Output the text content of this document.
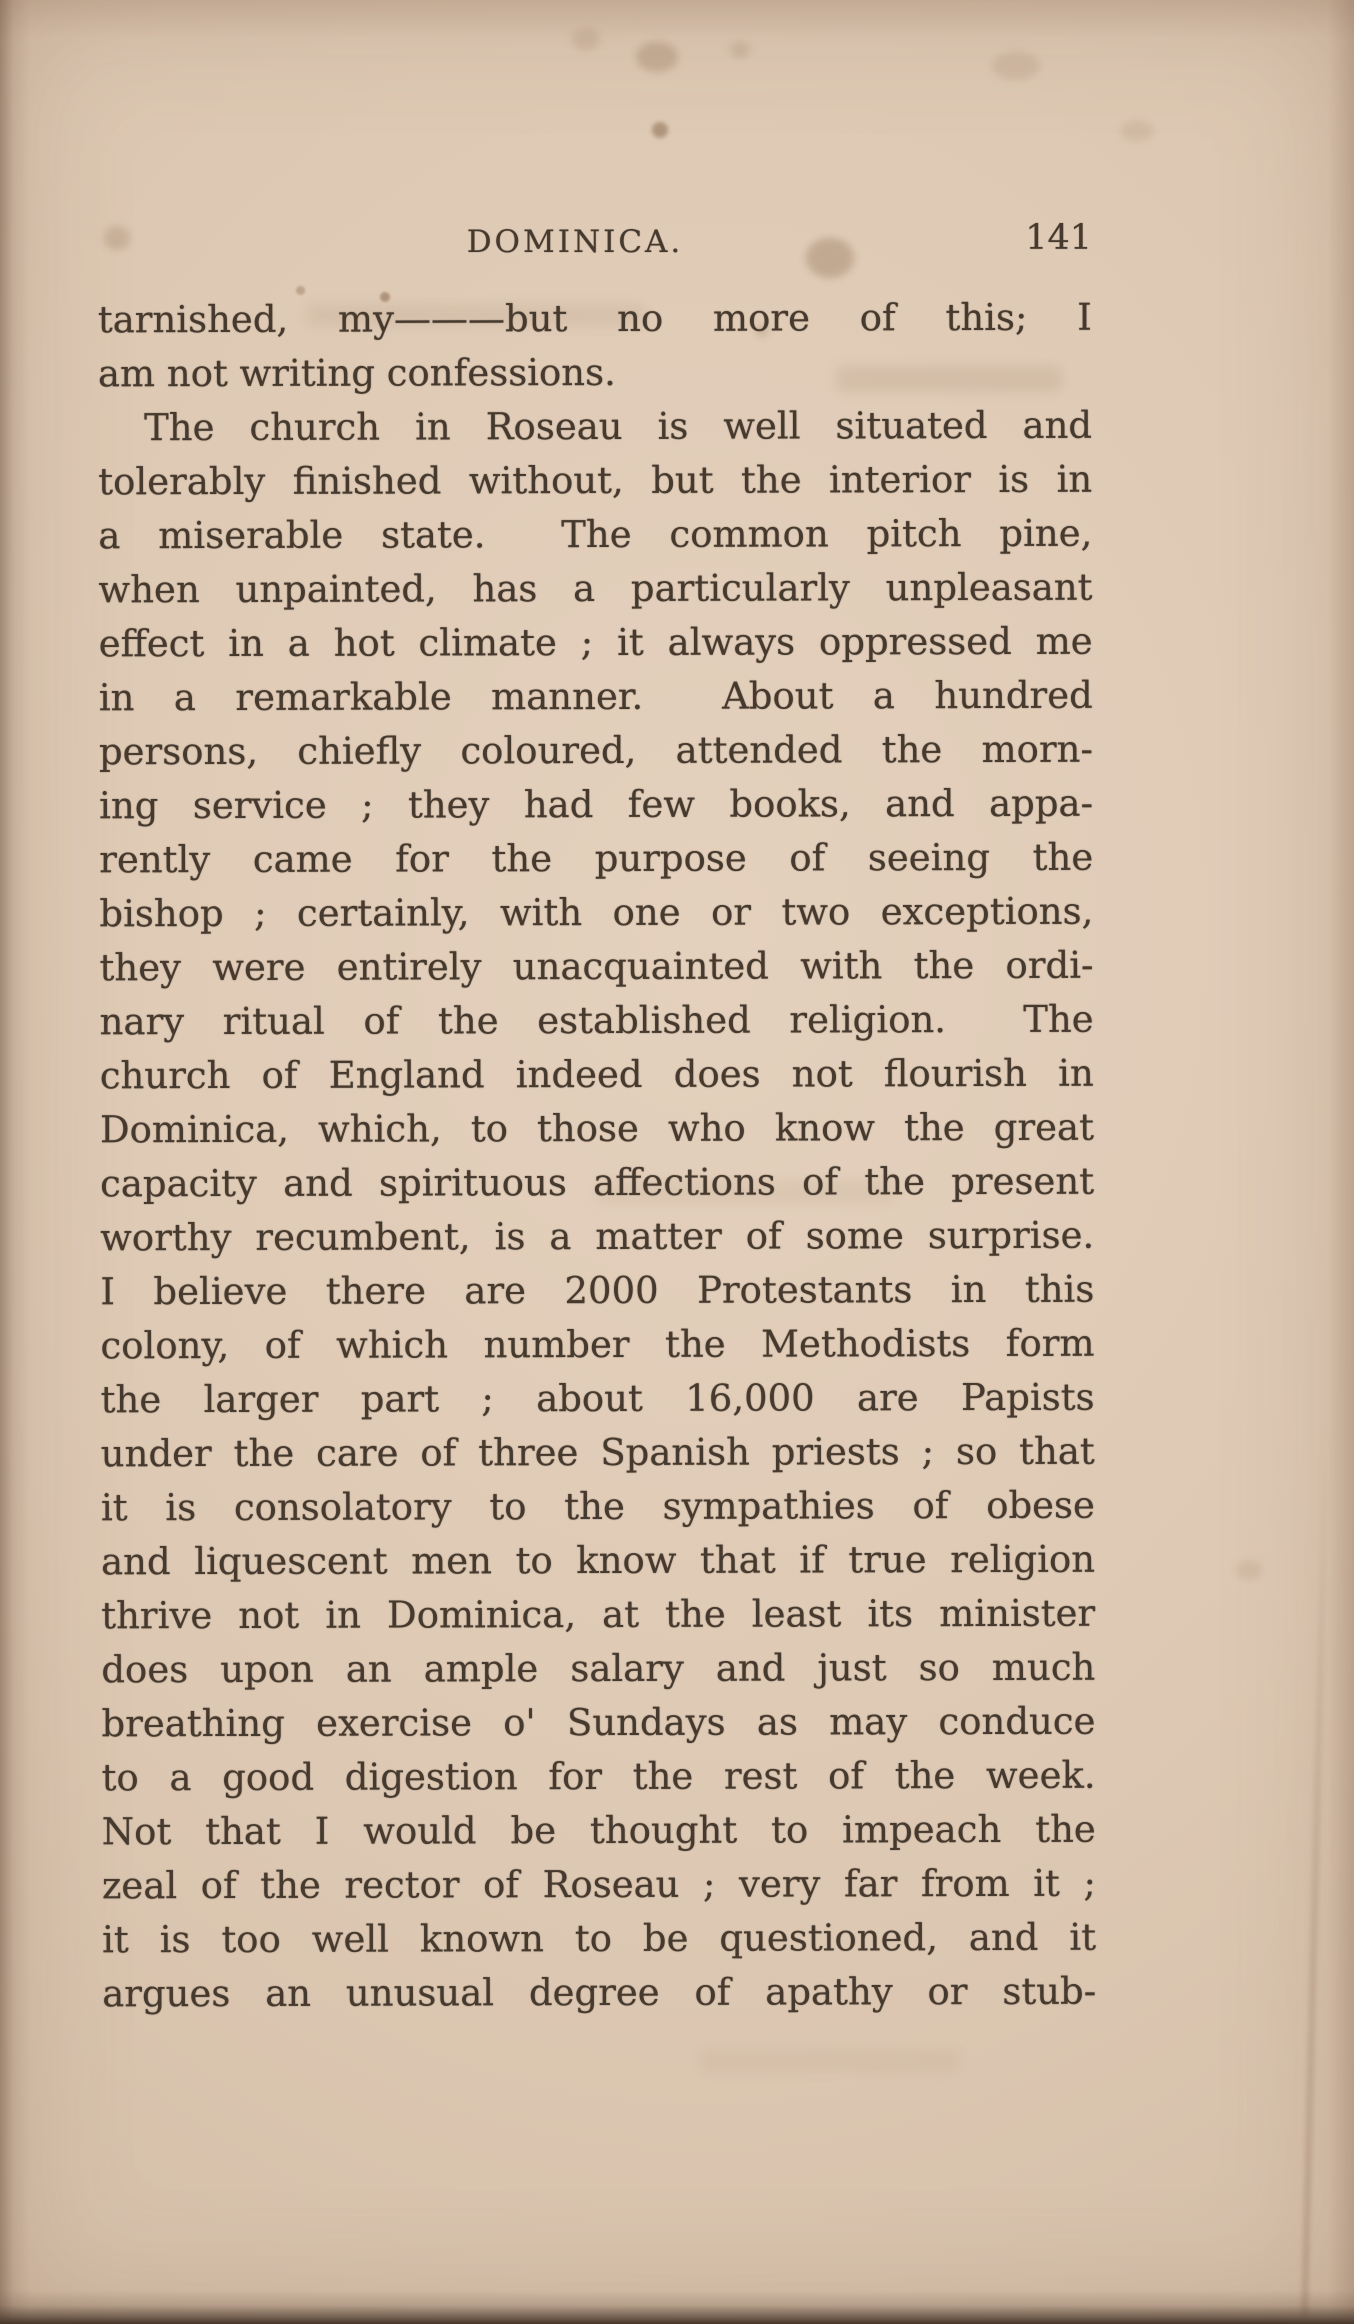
DOMINICA.	141
tarnished, my———but no more of this; I
am not writing confessions.
The church in Roseau is well situated and
tolerably finished without, but the interior is in
a miserable state.  The common pitch pine,
when unpainted, has a particularly unpleasant
effect in a hot climate ; it always oppressed me
in a remarkable manner.  About a hundred
persons, chiefly coloured, attended the morn-
ing service ; they had few books, and appa-
rently came for the purpose of seeing the
bishop ; certainly, with one or two exceptions,
they were entirely unacquainted with the ordi-
nary ritual of the established religion.  The
church of England indeed does not flourish in
Dominica, which, to those who know the great
capacity and spirituous affections of the present
worthy recumbent, is a matter of some surprise.
I believe there are 2000 Protestants in this
colony, of which number the Methodists form
the larger part ; about 16,000 are Papists
under the care of three Spanish priests ; so that
it is consolatory to the sympathies of obese
and liquescent men to know that if true religion
thrive not in Dominica, at the least its minister
does upon an ample salary and just so much
breathing exercise o' Sundays as may conduce
to a good digestion for the rest of the week.
Not that I would be thought to impeach the
zeal of the rector of Roseau ; very far from it ;
it is too well known to be questioned, and it
argues an unusual degree of apathy or stub-
